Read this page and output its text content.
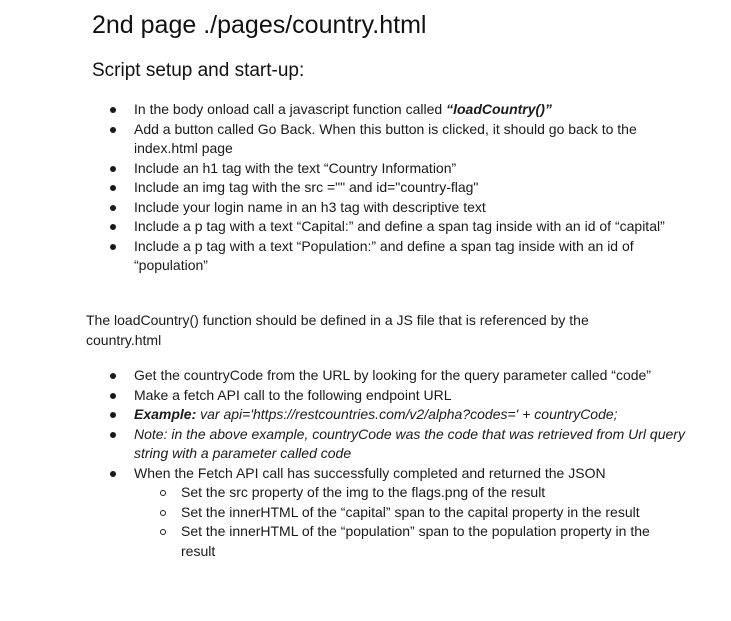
2nd page ./pages/country.html
Script setup and start-up:
In the body onload call a javascript function called “loadCountry()”
Add a button called Go Back. When this button is clicked, it should go back to the index.html page
Include an h1 tag with the text “Country Information”
Include an img tag with the src ="" and id="country-flag"
Include your login name in an h3 tag with descriptive text
Include a p tag with a text “Capital:” and define a span tag inside with an id of “capital”
Include a p tag with a text “Population:” and define a span tag inside with an id of “population”

The loadCountry() function should be defined in a JS file that is referenced by the country.html

Get the countryCode from the URL by looking for the query parameter called “code”
Make a fetch API call to the following endpoint URL
Example: var api='https://restcountries.com/v2/alpha?codes=' + countryCode;
Note: in the above example, countryCode was the code that was retrieved from Url query string with a parameter called code
When the Fetch API call has successfully completed and returned the JSON
Set the src property of the img to the flags.png of the result
Set the innerHTML of the “capital” span to the capital property in the result
Set the innerHTML of the “population” span to the population property in the result
